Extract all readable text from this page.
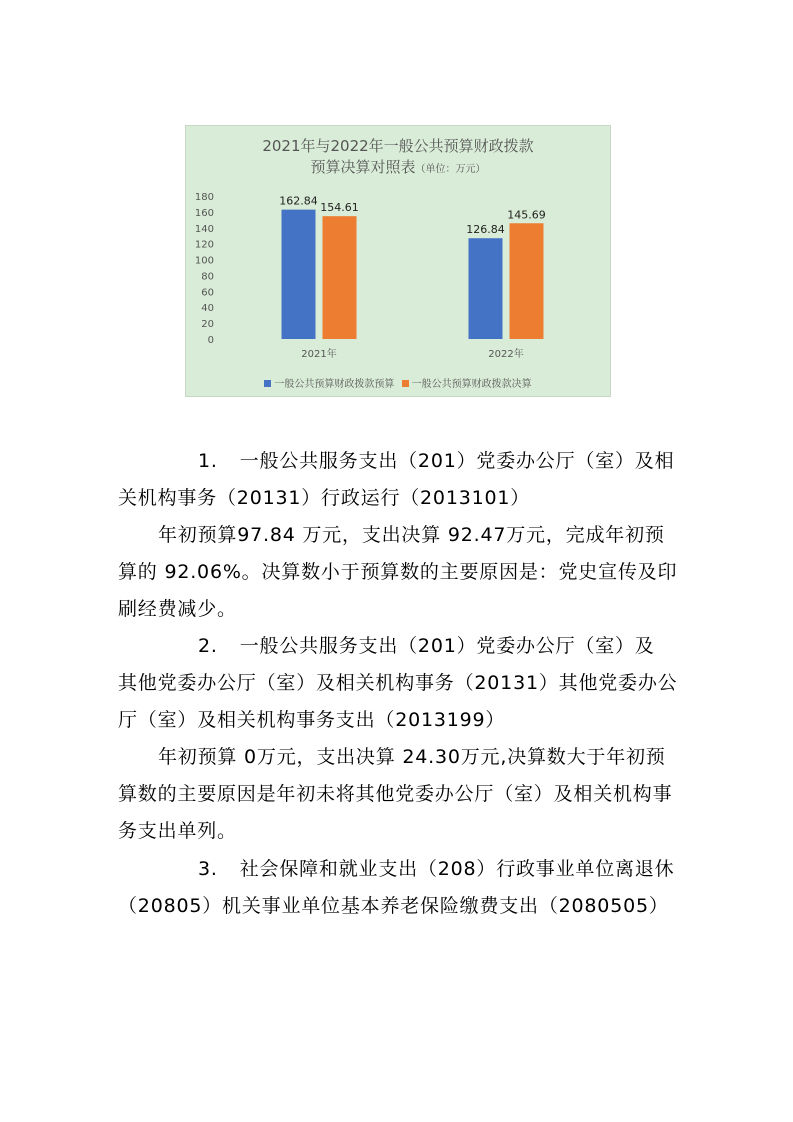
2021年与2022年一般公共预算财政拨款
预算决算对照表（单位：万元）
0
20
40
60
80
100
120
140
160
180	162.84
154.61
2021年
126.84
145.69
2022年
一般公共预算财政拨款预算 一般公共预算财政拨款决算

1. 一般公共服务支出（201）党委办公厅（室）及相关机构事务（20131）行政运行（2013101）

年初预算97.84 万元，支出决算 92.47万元，完成年初预算的 92.06%。决算数小于预算数的主要原因是：党史宣传及印刷经费减少。

2. 一般公共服务支出（201）党委办公厅（室）及 其他党委办公厅（室）及相关机构事务（20131）其他党委办公厅（室）及相关机构事务支出（2013199）

年初预算 0万元，支出决算 24.30万元,决算数大于年初预算数的主要原因是年初未将其他党委办公厅（室）及相关机构事务支出单列。

3. 社会保障和就业支出（208）行政事业单位离退休（20805）机关事业单位基本养老保险缴费支出（2080505）
